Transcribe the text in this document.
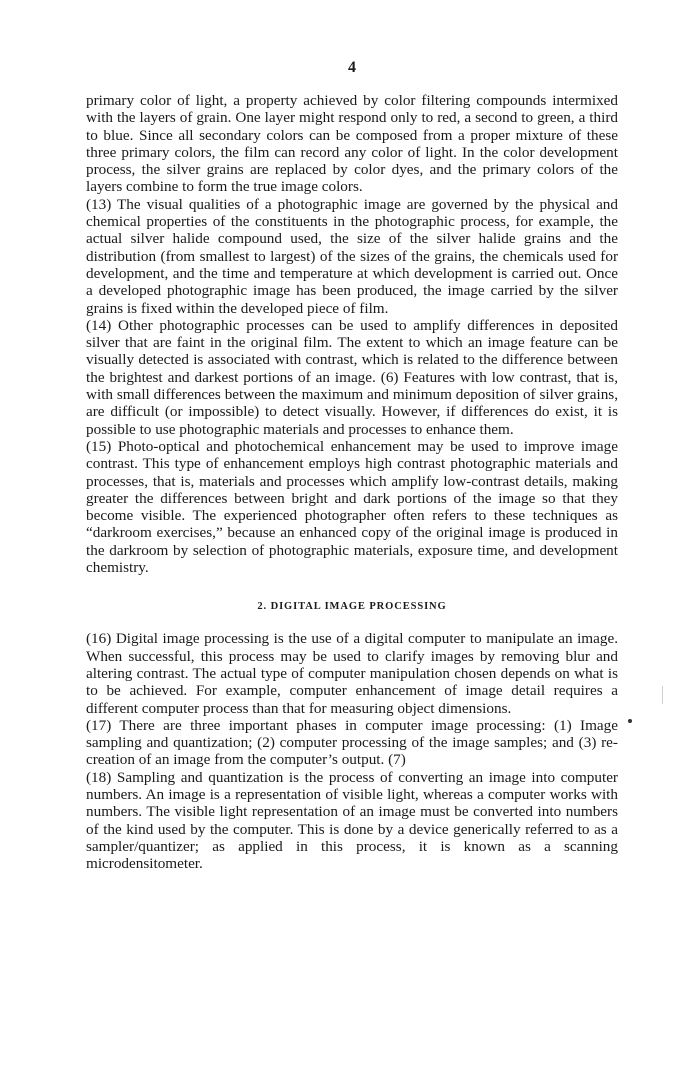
4

primary color of light, a property achieved by color filtering compounds intermixed with the layers of grain. One layer might respond only to red, a second to green, a third to blue. Since all secondary colors can be composed from a proper mixture of these three primary colors, the film can record any color of light. In the color development process, the silver grains are replaced by color dyes, and the primary colors of the layers combine to form the true image colors.

(13) The visual qualities of a photographic image are governed by the physical and chemical properties of the constituents in the photographic process, for example, the actual silver halide compound used, the size of the silver halide grains and the distribution (from smallest to largest) of the sizes of the grains, the chemicals used for development, and the time and temperature at which development is carried out. Once a developed photographic image has been produced, the image carried by the silver grains is fixed within the developed piece of film.

(14) Other photographic processes can be used to amplify differences in deposited silver that are faint in the original film. The extent to which an image feature can be visually detected is associated with contrast, which is related to the difference between the brightest and darkest portions of an image. (6) Features with low contrast, that is, with small differences between the maximum and minimum deposition of silver grains, are difficult (or impossible) to detect visually. However, if differences do exist, it is possible to use photographic materials and processes to enhance them.

(15) Photo-optical and photochemical enhancement may be used to improve image contrast. This type of enhancement employs high contrast photographic materials and processes, that is, materials and processes which amplify low-contrast details, making greater the differences between bright and dark portions of the image so that they become visible. The experienced photographer often refers to these techniques as “darkroom exercises,” because an enhanced copy of the original image is produced in the darkroom by selection of photographic materials, exposure time, and development chemistry.

2. DIGITAL IMAGE PROCESSING

(16) Digital image processing is the use of a digital computer to manipulate an image. When successful, this process may be used to clarify images by removing blur and altering contrast. The actual type of computer manipulation chosen depends on what is to be achieved. For example, computer enhancement of image detail requires a different computer process than that for measuring object dimensions.

(17) There are three important phases in computer image processing: (1) Image sampling and quantization; (2) computer processing of the image samples; and (3) re-creation of an image from the computer’s output. (7)

(18) Sampling and quantization is the process of converting an image into computer numbers. An image is a representation of visible light, whereas a computer works with numbers. The visible light representation of an image must be converted into numbers of the kind used by the computer. This is done by a device generically referred to as a sampler/quantizer; as applied in this process, it is known as a scanning microdensitometer.
